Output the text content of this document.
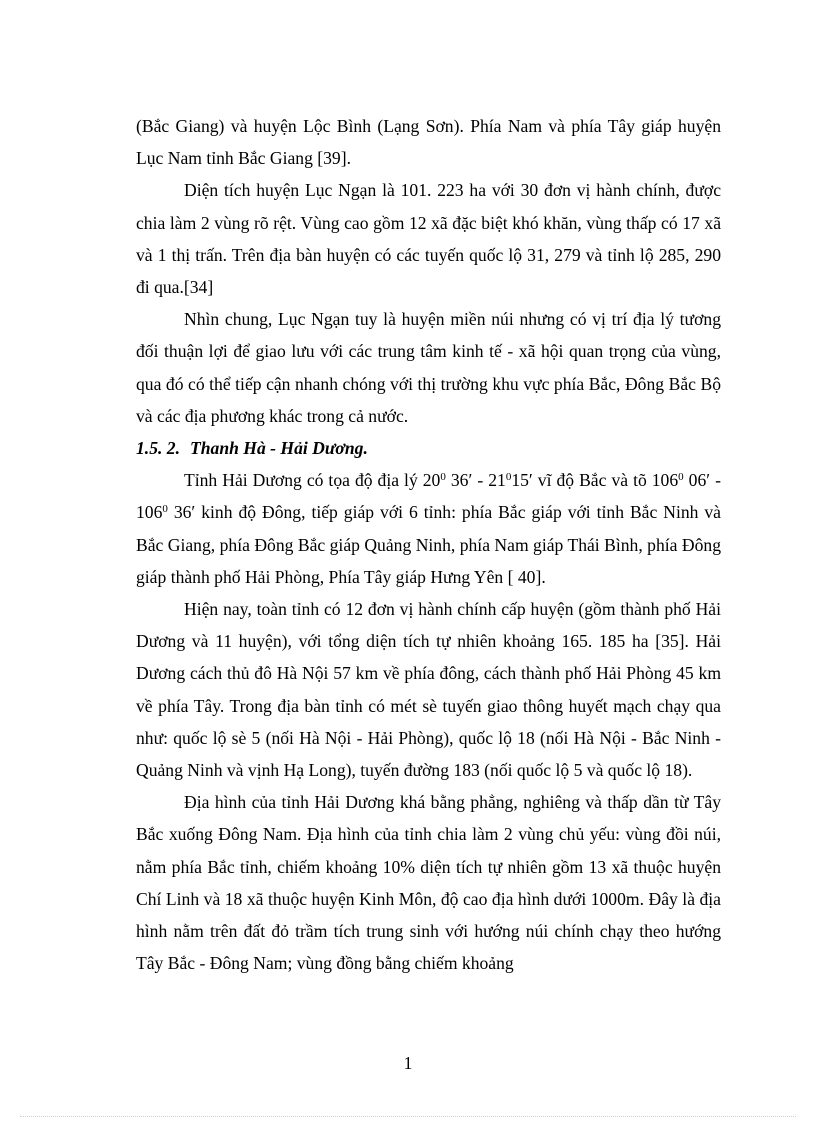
(Bắc Giang) và huyện Lộc Bình (Lạng Sơn). Phía Nam và phía Tây giáp huyện Lục Nam tỉnh Bắc Giang [39].

Diện tích huyện Lục Ngạn là 101. 223 ha với 30 đơn vị hành chính, được chia làm 2 vùng rõ rệt. Vùng cao gồm 12 xã đặc biệt khó khăn, vùng thấp có 17 xã và 1 thị trấn. Trên địa bàn huyện có các tuyến quốc lộ 31, 279 và tỉnh lộ 285, 290 đi qua.[34]

Nhìn chung, Lục Ngạn tuy là huyện miền núi nhưng có vị trí địa lý tương đối thuận lợi để giao lưu với các trung tâm kinh tế - xã hội quan trọng của vùng, qua đó có thể tiếp cận nhanh chóng với thị trường khu vực phía Bắc, Đông Bắc Bộ và các địa phương khác trong cả nước.

1.5. 2. Thanh Hà - Hải Dương.

Tỉnh Hải Dương có tọa độ địa lý $20^0$ $36' - 21^015'$ vĩ độ Bắc và tõ $106^0$ $06' - 106^0$ 36′ kinh độ Đông, tiếp giáp với 6 tỉnh: phía Bắc giáp với tỉnh Bắc Ninh và Bắc Giang, phía Đông Bắc giáp Quảng Ninh, phía Nam giáp Thái Bình, phía Đông giáp thành phố Hải Phòng, Phía Tây giáp Hưng Yên [ 40].

Hiện nay, toàn tỉnh có 12 đơn vị hành chính cấp huyện (gồm thành phố Hải Dương và 11 huyện), với tổng diện tích tự nhiên khoảng 165. 185 ha [35]. Hải Dương cách thủ đô Hà Nội 57 km về phía đông, cách thành phố Hải Phòng 45 km về phía Tây. Trong địa bàn tỉnh có mét sè tuyến giao thông huyết mạch chạy qua như: quốc lộ sè 5 (nối Hà Nội - Hải Phòng), quốc lộ 18 (nối Hà Nội - Bắc Ninh - Quảng Ninh và vịnh Hạ Long), tuyến đường 183 (nối quốc lộ 5 và quốc lộ 18).

Địa hình của tỉnh Hải Dương khá bằng phẳng, nghiêng và thấp dần từ Tây Bắc xuống Đông Nam. Địa hình của tỉnh chia làm 2 vùng chủ yếu: vùng đồi núi, nằm phía Bắc tỉnh, chiếm khoảng 10% diện tích tự nhiên gồm 13 xã thuộc huyện Chí Linh và 18 xã thuộc huyện Kinh Môn, độ cao địa hình dưới 1000m. Đây là địa hình nằm trên đất đỏ trầm tích trung sinh với hướng núi chính chạy theo hướng Tây Bắc - Đông Nam; vùng đồng bằng chiếm khoảng

1
